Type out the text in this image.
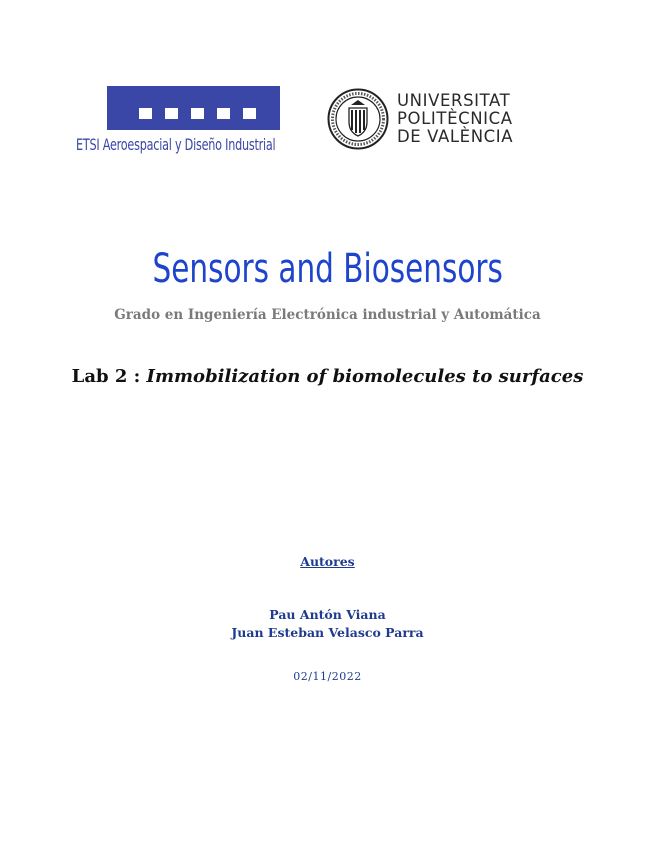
ETSI Aeroespacial y Diseño Industrial
UNIVERSITAT
POLITÈCNICA
DE VALÈNCIA
Sensors and Biosensors
Grado en Ingeniería Electrónica industrial y Automática
Lab 2 : Immobilization of biomolecules to surfaces
Autores
Pau Antón Viana
Juan Esteban Velasco Parra
02/11/2022
